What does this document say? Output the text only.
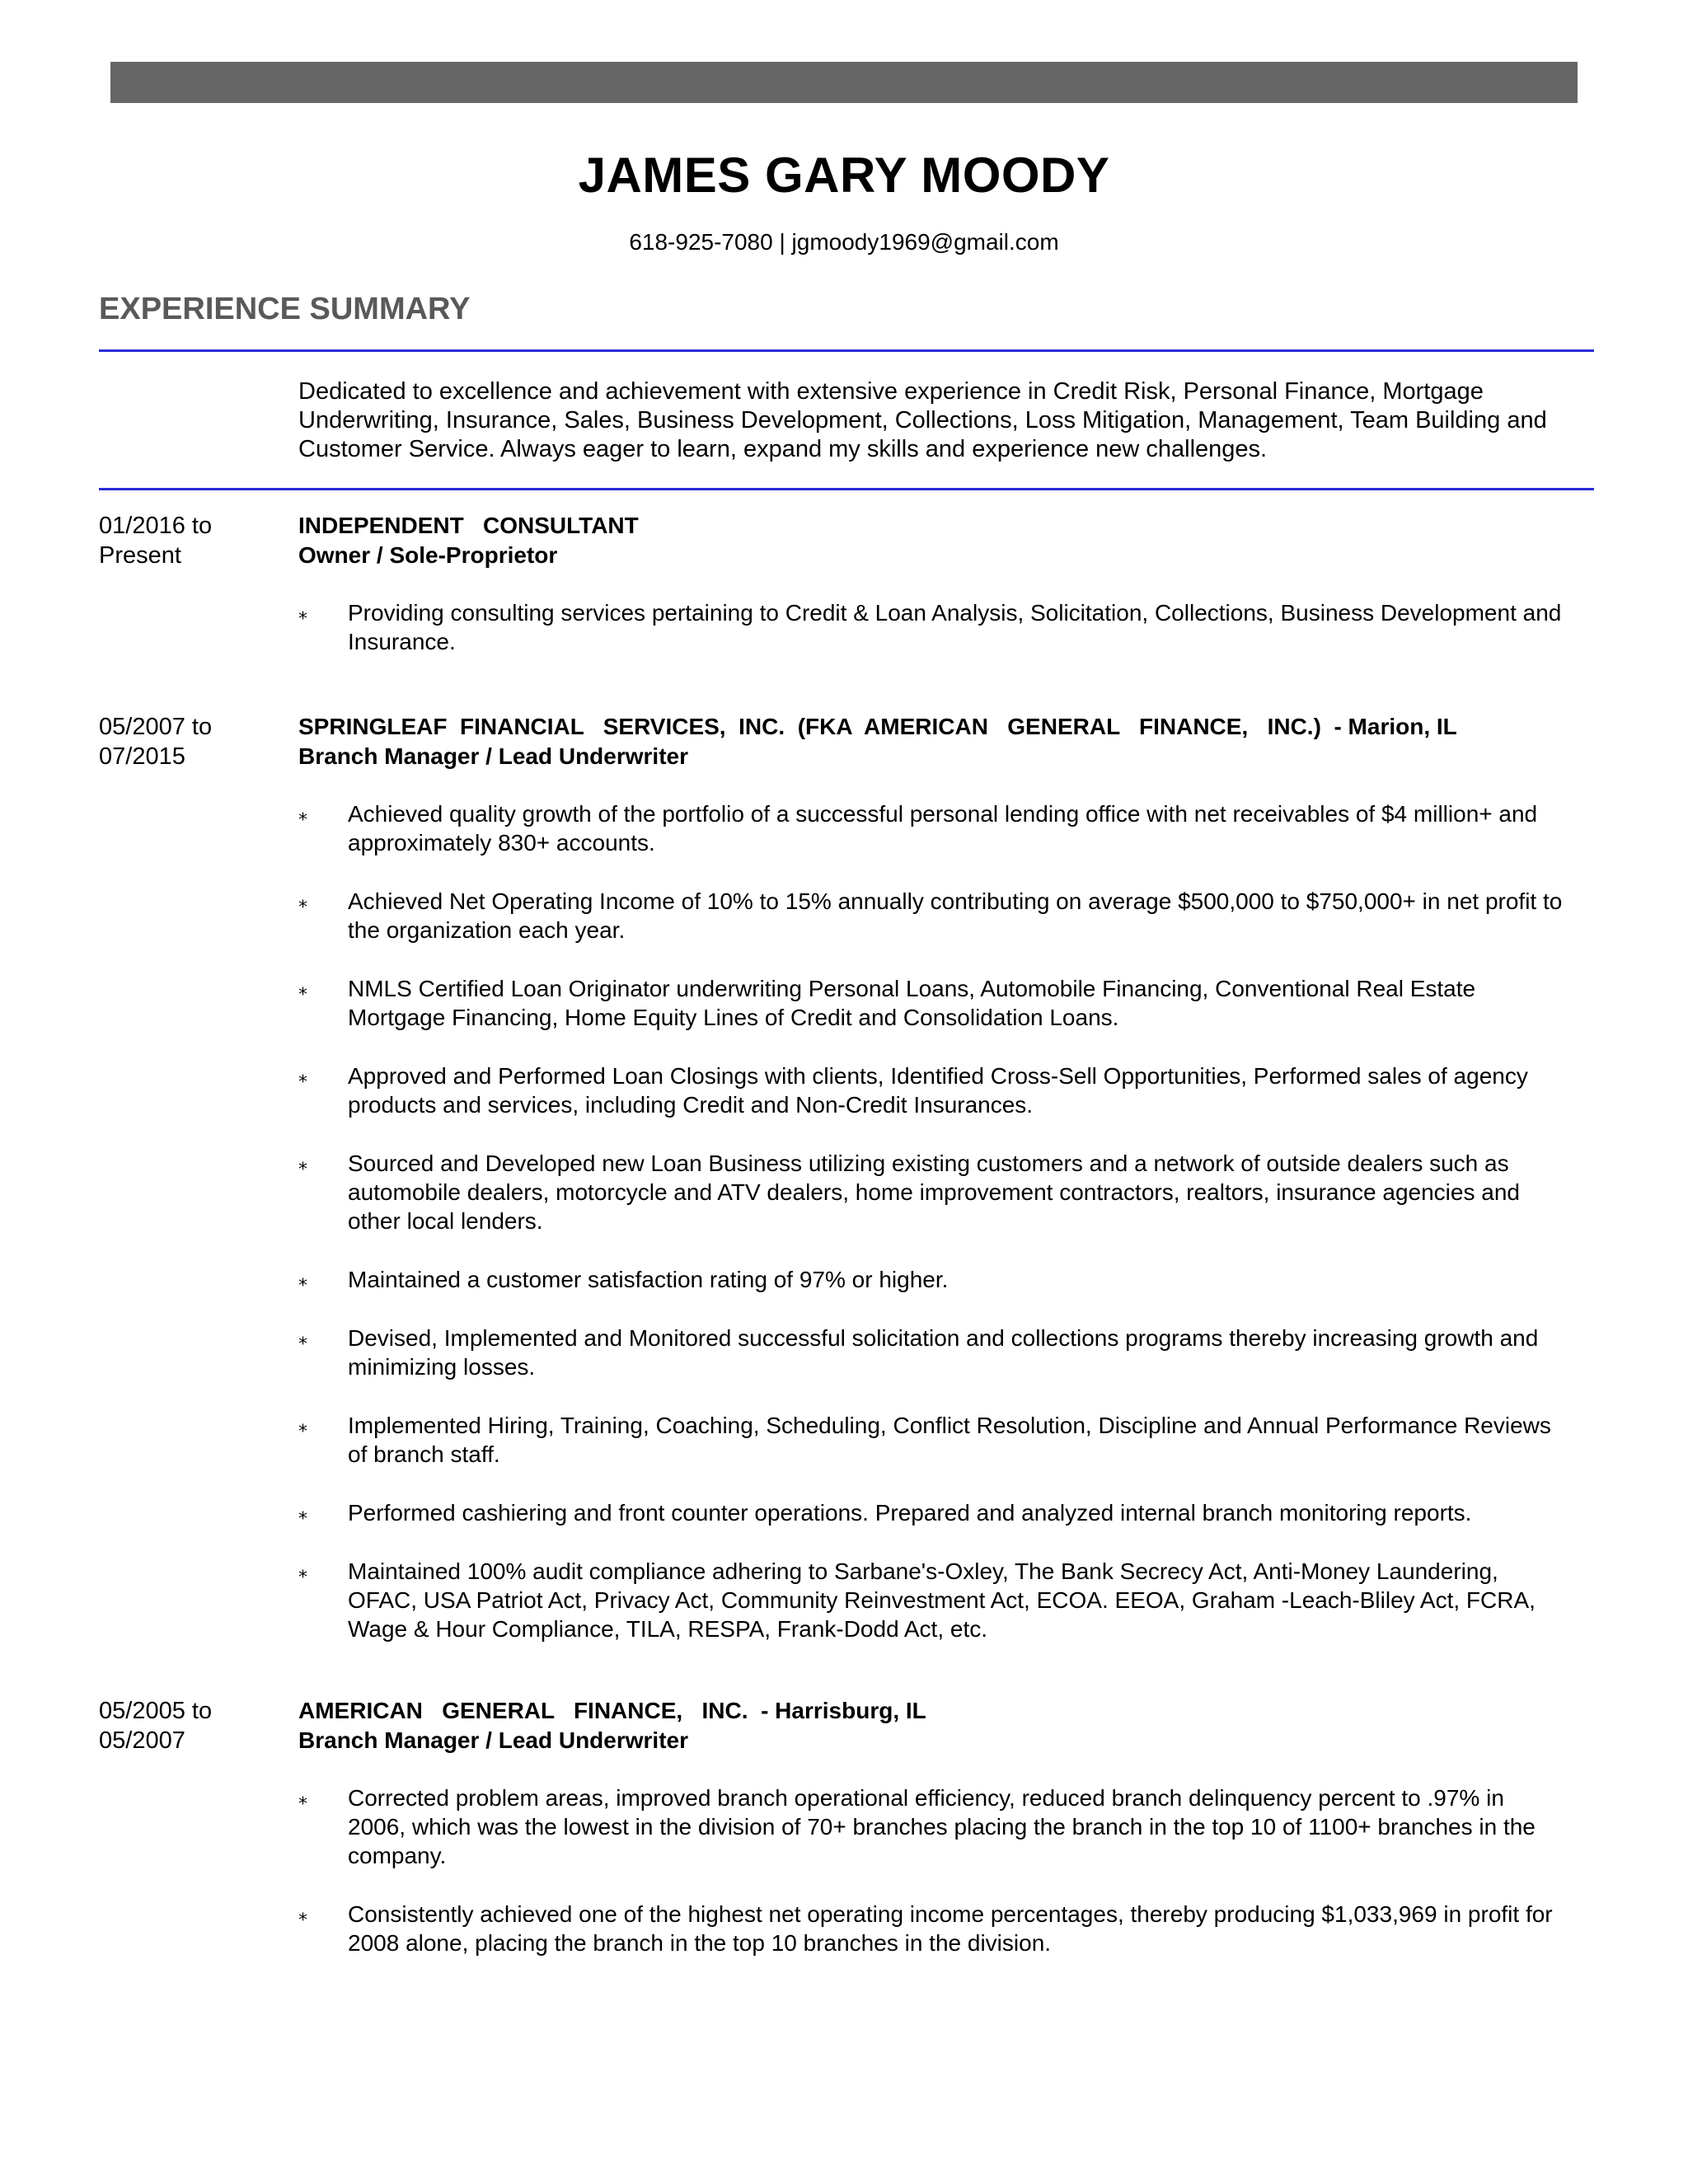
JAMES GARY MOODY
618-925-7080 | jgmoody1969@gmail.com
EXPERIENCE SUMMARY
Dedicated to excellence and achievement with extensive experience in Credit Risk, Personal Finance, Mortgage Underwriting, Insurance, Sales, Business Development, Collections, Loss Mitigation, Management, Team Building and Customer Service. Always eager to learn, expand my skills and experience new challenges.
01/2016 to
Present
INDEPENDENT   CONSULTANT
Owner / Sole-Proprietor
⁎ Providing consulting services pertaining to Credit & Loan Analysis, Solicitation, Collections, Business Development and Insurance.
05/2007 to
07/2015
SPRINGLEAF  FINANCIAL   SERVICES,  INC.  (FKA  AMERICAN   GENERAL   FINANCE,   INC.)  - Marion, IL
Branch Manager / Lead Underwriter
⁎ Achieved quality growth of the portfolio of a successful personal lending office with net receivables of $4 million+ and approximately 830+ accounts.
⁎ Achieved Net Operating Income of 10% to 15% annually contributing on average $500,000 to $750,000+ in net profit to the organization each year.
⁎ NMLS Certified Loan Originator underwriting Personal Loans, Automobile Financing, Conventional Real Estate Mortgage Financing, Home Equity Lines of Credit and Consolidation Loans.
⁎ Approved and Performed Loan Closings with clients, Identified Cross-Sell Opportunities, Performed sales of agency products and services, including Credit and Non-Credit Insurances.
⁎ Sourced and Developed new Loan Business utilizing existing customers and a network of outside dealers such as automobile dealers, motorcycle and ATV dealers, home improvement contractors, realtors, insurance agencies and other local lenders.
⁎ Maintained a customer satisfaction rating of 97% or higher.
⁎ Devised, Implemented and Monitored successful solicitation and collections programs thereby increasing growth and minimizing losses.
⁎ Implemented Hiring, Training, Coaching, Scheduling, Conflict Resolution, Discipline and Annual Performance Reviews of branch staff.
⁎ Performed cashiering and front counter operations. Prepared and analyzed internal branch monitoring reports.
⁎ Maintained 100% audit compliance adhering to Sarbane's-Oxley, The Bank Secrecy Act, Anti-Money Laundering, OFAC, USA Patriot Act, Privacy Act, Community Reinvestment Act, ECOA. EEOA, Graham -Leach-Bliley Act, FCRA, Wage & Hour Compliance, TILA, RESPA, Frank-Dodd Act, etc.
05/2005 to
05/2007
AMERICAN   GENERAL   FINANCE,   INC.  - Harrisburg, IL
Branch Manager / Lead Underwriter
⁎ Corrected problem areas, improved branch operational efficiency, reduced branch delinquency percent to .97% in 2006, which was the lowest in the division of 70+ branches placing the branch in the top 10 of 1100+ branches in the company.
⁎ Consistently achieved one of the highest net operating income percentages, thereby producing $1,033,969 in profit for 2008 alone, placing the branch in the top 10 branches in the division.
